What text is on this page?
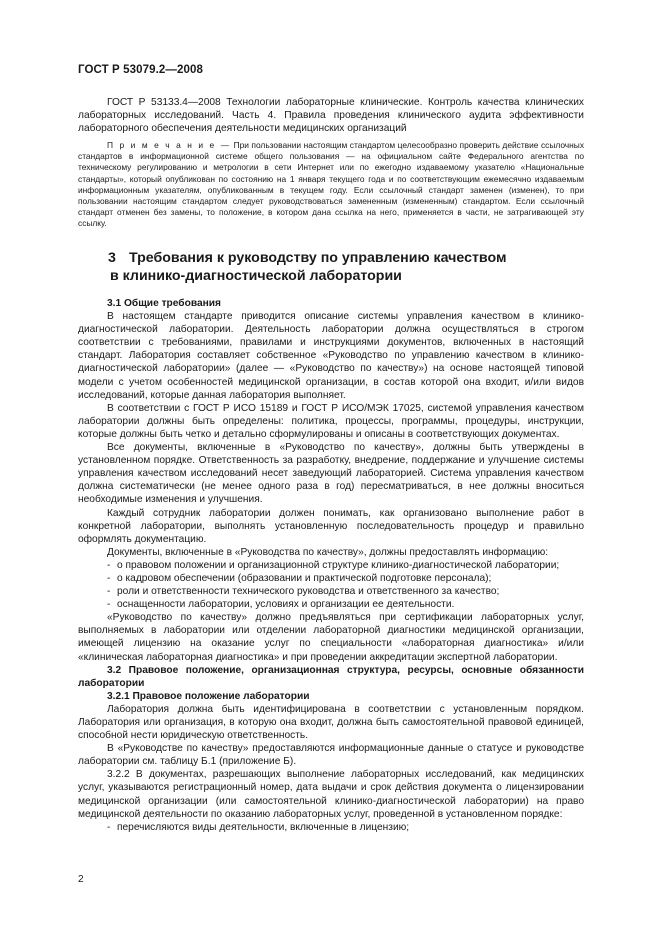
ГОСТ Р 53079.2—2008

ГОСТ Р 53133.4—2008 Технологии лабораторные клинические. Контроль качества клинических лабораторных исследований. Часть 4. Правила проведения клинического аудита эффективности лабораторного обеспечения деятельности медицинских организаций

П р и м е ч а н и е — При пользовании настоящим стандартом целесообразно проверить действие ссылочных стандартов в информационной системе общего пользования — на официальном сайте Федерального агентства по техническому регулированию и метрологии в сети Интернет или по ежегодно издаваемому указателю «Национальные стандарты», который опубликован по состоянию на 1 января текущего года и по соответствующим ежемесячно издаваемым информационным указателям, опубликованным в текущем году. Если ссылочный стандарт заменен (изменен), то при пользовании настоящим стандартом следует руководствоваться замененным (измененным) стандартом. Если ссылочный стандарт отменен без замены, то положение, в котором дана ссылка на него, применяется в части, не затрагивающей эту ссылку.

3 Требования к руководству по управлению качеством
в клинико-диагностической лаборатории

3.1 Общие требования

В настоящем стандарте приводится описание системы управления качеством в клинико-диагностической лаборатории. Деятельность лаборатории должна осуществляться в строгом соответствии с требованиями, правилами и инструкциями документов, включенных в настоящий стандарт. Лаборатория составляет собственное «Руководство по управлению качеством в клинико-диагностической лаборатории» (далее — «Руководство по качеству») на основе настоящей типовой модели с учетом особенностей медицинской организации, в состав которой она входит, и/или видов исследований, которые данная лаборатория выполняет.

В соответствии с ГОСТ Р ИСО 15189 и ГОСТ Р ИСО/МЭК 17025, системой управления качеством лаборатории должны быть определены: политика, процессы, программы, процедуры, инструкции, которые должны быть четко и детально сформулированы и описаны в соответствующих документах.

Все документы, включенные в «Руководство по качеству», должны быть утверждены в установленном порядке. Ответственность за разработку, внедрение, поддержание и улучшение системы управления качеством исследований несет заведующий лабораторией. Система управления качеством должна систематически (не менее одного раза в год) пересматриваться, в нее должны вноситься необходимые изменения и улучшения.

Каждый сотрудник лаборатории должен понимать, как организовано выполнение работ в конкретной лаборатории, выполнять установленную последовательность процедур и правильно оформлять документацию.

Документы, включенные в «Руководства по качеству», должны предоставлять информацию:

- о правовом положении и организационной структуре клинико-диагностической лаборатории;

- о кадровом обеспечении (образовании и практической подготовке персонала);

- роли и ответственности технического руководства и ответственного за качество;

- оснащенности лаборатории, условиях и организации ее деятельности.

«Руководство по качеству» должно предъявляться при сертификации лабораторных услуг, выполняемых в лаборатории или отделении лабораторной диагностики медицинской организации, имеющей лицензию на оказание услуг по специальности «лабораторная диагностика» и/или «клиническая лабораторная диагностика» и при проведении аккредитации экспертной лаборатории.

3.2 Правовое положение, организационная структура, ресурсы, основные обязанности лаборатории

3.2.1 Правовое положение лаборатории

Лаборатория должна быть идентифицирована в соответствии с установленным порядком. Лаборатория или организация, в которую она входит, должна быть самостоятельной правовой единицей, способной нести юридическую ответственность.

В «Руководстве по качеству» предоставляются информационные данные о статусе и руководстве лаборатории см. таблицу Б.1 (приложение Б).

3.2.2 В документах, разрешающих выполнение лабораторных исследований, как медицинских услуг, указываются регистрационный номер, дата выдачи и срок действия документа о лицензировании медицинской организации (или самостоятельной клинико-диагностической лаборатории) на право медицинской деятельности по оказанию лабораторных услуг, проведенной в установленном порядке:

- перечисляются виды деятельности, включенные в лицензию;

2
